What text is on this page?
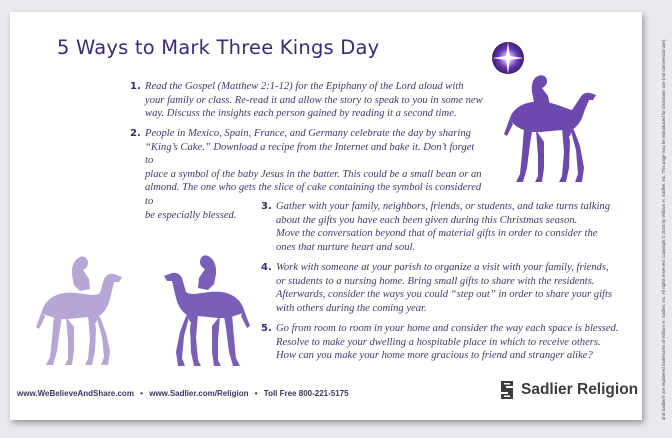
5 Ways to Mark Three Kings Day
1. Read the Gospel (Matthew 2:1-12) for the Epiphany of the Lord aloud with
your family or class. Re-read it and allow the story to speak to you in some new
way. Discuss the insights each person gained by reading it a second time.
2. People in Mexico, Spain, France, and Germany celebrate the day by sharing
“King’s Cake.” Download a recipe from the Internet and bake it. Don’t forget to
place a symbol of the baby Jesus in the batter. This could be a small bean or an
almond. The one who gets the slice of cake containing the symbol is considered to
be especially blessed.
3. Gather with your family, neighbors, friends, or students, and take turns talking
about the gifts you have each been given during this Christmas season.
Move the conversation beyond that of material gifts in order to consider the
ones that nurture heart and soul.
4. Work with someone at your parish to organize a visit with your family, friends,
or students to a nursing home. Bring small gifts to share with the residents.
Afterwards, consider the ways you could “step out” in order to share your gifts
with others during the coming year.
5. Go from room to room in your home and consider the way each space is blessed.
Resolve to make your dwelling a hospitable place in which to receive others.
How can you make your home more gracious to friend and stranger alike?
www.WeBelieveAndShare.com • www.Sadlier.com/Religion • Toll Free 800-221-5175	Sadlier Religion	and Sadlier® are registered trademarks of William H. Sadlier, Inc. All rights reserved. Copyright © 2015 by William H. Sadlier, Inc. This page may be reproduced for classroom use (not commercial use).
